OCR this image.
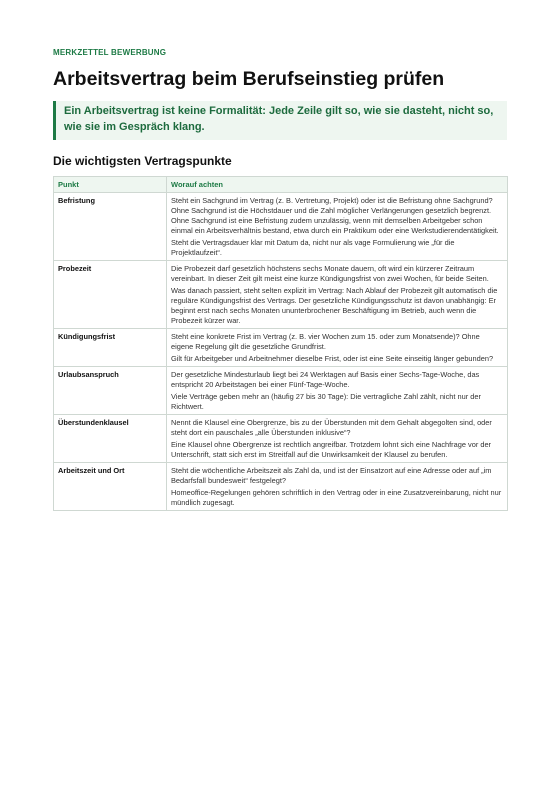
MERKZETTEL BEWERBUNG

Arbeitsvertrag beim Berufseinstieg prüfen
Ein Arbeitsvertrag ist keine Formalität: Jede Zeile gilt so, wie sie dasteht, nicht so, wie sie im Gespräch klang.
Die wichtigsten Vertragspunkte
Punkt	Worauf achten
Befristung	Steht ein Sachgrund im Vertrag (z. B. Vertretung, Projekt) oder ist die Befristung ohne Sachgrund? Ohne Sachgrund ist die Höchstdauer und die Zahl möglicher Verlängerungen gesetzlich begrenzt. Ohne Sachgrund ist eine Befristung zudem unzulässig, wenn mit demselben Arbeitgeber schon einmal ein Arbeitsverhältnis bestand, etwa durch ein Praktikum oder eine Werkstudierendentätigkeit.

Steht die Vertragsdauer klar mit Datum da, nicht nur als vage Formulierung wie „für die Projektlaufzeit“.

Probezeit	Die Probezeit darf gesetzlich höchstens sechs Monate dauern, oft wird ein kürzerer Zeitraum vereinbart. In dieser Zeit gilt meist eine kurze Kündigungsfrist von zwei Wochen, für beide Seiten.

Was danach passiert, steht selten explizit im Vertrag: Nach Ablauf der Probezeit gilt automatisch die reguläre Kündigungsfrist des Vertrags. Der gesetzliche Kündigungsschutz ist davon unabhängig: Er beginnt erst nach sechs Monaten ununterbrochener Beschäftigung im Betrieb, auch wenn die Probezeit kürzer war.

Kündigungsfrist	Steht eine konkrete Frist im Vertrag (z. B. vier Wochen zum 15. oder zum Monatsende)? Ohne eigene Regelung gilt die gesetzliche Grundfrist.

Gilt für Arbeitgeber und Arbeitnehmer dieselbe Frist, oder ist eine Seite einseitig länger gebunden?

Urlaubsanspruch	Der gesetzliche Mindesturlaub liegt bei 24 Werktagen auf Basis einer Sechs-Tage-Woche, das entspricht 20 Arbeitstagen bei einer Fünf-Tage-Woche.

Viele Verträge geben mehr an (häufig 27 bis 30 Tage): Die vertragliche Zahl zählt, nicht nur der Richtwert.

Überstundenklausel	Nennt die Klausel eine Obergrenze, bis zu der Überstunden mit dem Gehalt abgegolten sind, oder steht dort ein pauschales „alle Überstunden inklusive“?

Eine Klausel ohne Obergrenze ist rechtlich angreifbar. Trotzdem lohnt sich eine Nachfrage vor der Unterschrift, statt sich erst im Streitfall auf die Unwirksamkeit der Klausel zu berufen.

Arbeitszeit und Ort	Steht die wöchentliche Arbeitszeit als Zahl da, und ist der Einsatzort auf eine Adresse oder auf „im Bedarfsfall bundesweit“ festgelegt?

Homeoffice-Regelungen gehören schriftlich in den Vertrag oder in eine Zusatzvereinbarung, nicht nur mündlich zugesagt.
